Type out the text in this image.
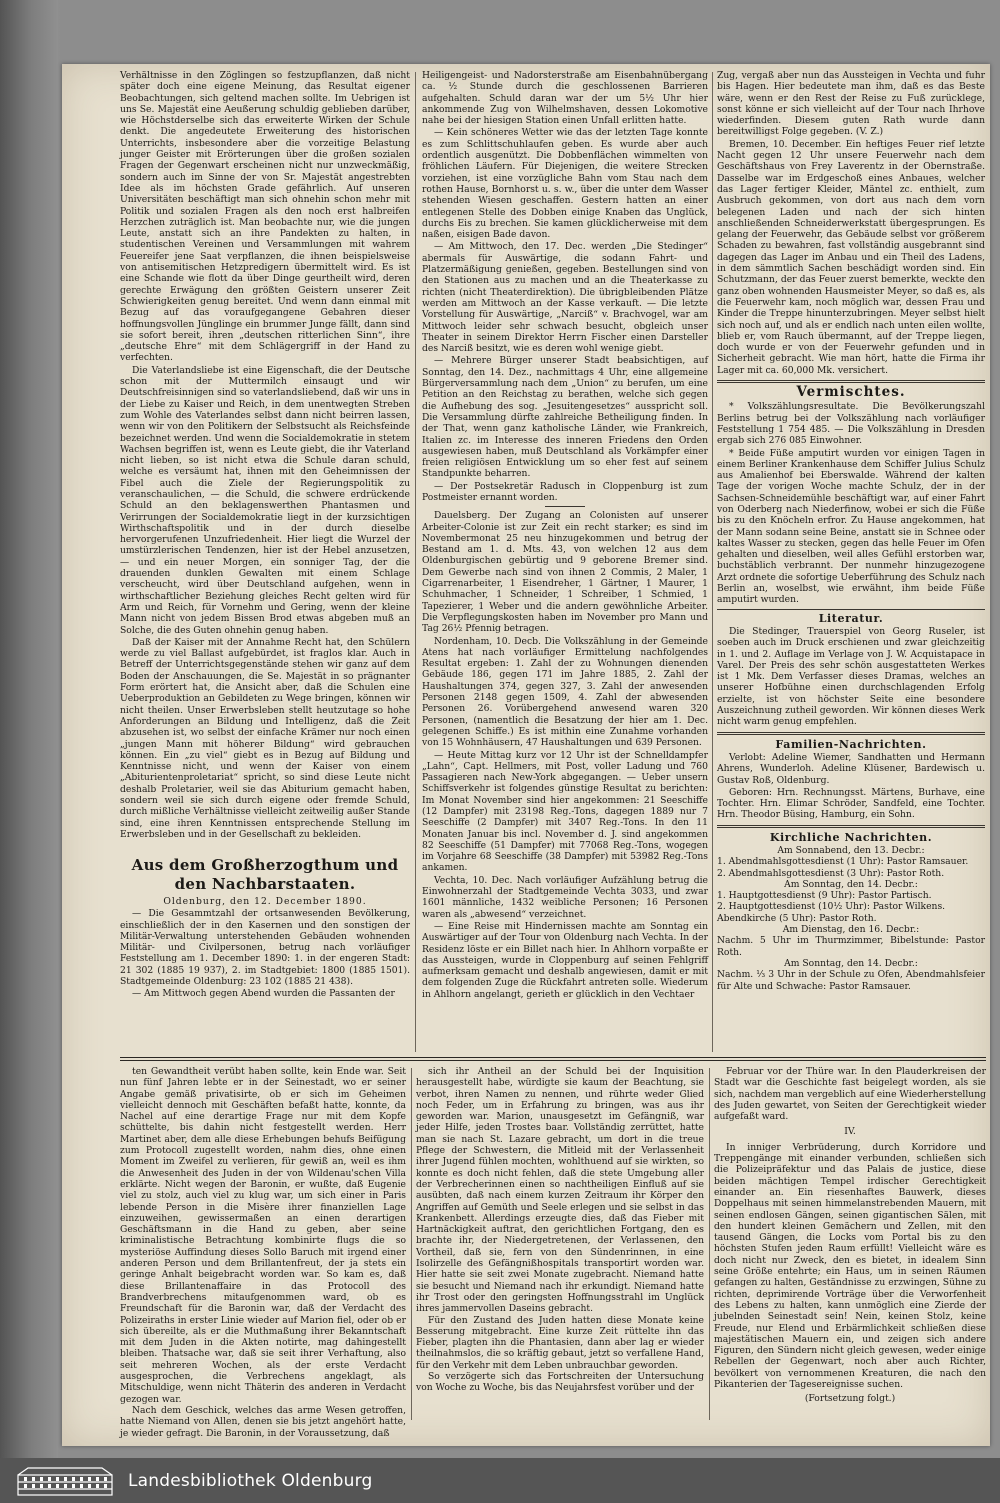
Verhältnisse in den Zöglingen so festzupflanzen, daß nicht später doch eine eigene Meinung, das Resultat eigener Beobachtungen, sich geltend machen sollte. Im Uebrigen ist uns Se. Majestät eine Aeußerung schuldig geblieben darüber, wie Höchstderselbe sich das erweiterte Wirken der Schule denkt. Die angedeutete Erweiterung des historischen Unterrichts, insbesondere aber die vorzeitige Belastung junger Geister mit Erörterungen über die großen sozialen Fragen der Gegenwart erscheinen nicht nur unzweckmäßig, sondern auch im Sinne der von Sr. Majestät angestrebten Idee als im höchsten Grade gefährlich. Auf unseren Universitäten beschäftigt man sich ohnehin schon mehr mit Politik und sozialen Fragen als den noch erst halbreifen Herzchen zuträglich ist. Man beobachte nur, wie die jungen Leute, anstatt sich an ihre Pandekten zu halten, in studentischen Vereinen und Versammlungen mit wahrem Feuereifer jene Saat verpflanzen, die ihnen beispielsweise von antisemitischen Hetzpredigern übermittelt wird. Es ist eine Schande wie flott da über Dinge geurtheilt wird, deren gerechte Erwägung den größten Geistern unserer Zeit Schwierigkeiten genug bereitet. Und wenn dann einmal mit Bezug auf das voraufgegangene Gebahren dieser hoffnungsvollen Jünglinge ein brummer Junge fällt, dann sind sie sofort bereit, ihren „deutschen ritterlichen Sinn“, ihre „deutsche Ehre“ mit dem Schlägergriff in der Hand zu verfechten.

Die Vaterlandsliebe ist eine Eigenschaft, die der Deutsche schon mit der Muttermilch einsaugt und wir Deutschfreisinnigen sind so vaterlandsliebend, daß wir uns in der Liebe zu Kaiser und Reich, in dem unentwegten Streben zum Wohle des Vaterlandes selbst dann nicht beirren lassen, wenn wir von den Politikern der Selbstsucht als Reichsfeinde bezeichnet werden. Und wenn die Socialdemokratie in stetem Wachsen begriffen ist, wenn es Leute giebt, die ihr Vaterland nicht lieben, so ist nicht etwa die Schule daran schuld, welche es versäumt hat, ihnen mit den Geheimnissen der Fibel auch die Ziele der Regierungspolitik zu veranschaulichen, — die Schuld, die schwere erdrückende Schuld an den beklagenswerthen Phantasmen und Verirrungen der Socialdemokratie liegt in der kurzsichtigen Wirthschaftspolitik und in der durch dieselbe hervorgerufenen Unzufriedenheit. Hier liegt die Wurzel der umstürzlerischen Tendenzen, hier ist der Hebel anzusetzen, — und ein neuer Morgen, ein sonniger Tag, der die drauenden dunklen Gewalten mit einem Schlage verscheucht, wird über Deutschland aufgehen, wenn in wirthschaftlicher Beziehung gleiches Recht gelten wird für Arm und Reich, für Vornehm und Gering, wenn der kleine Mann nicht von jedem Bissen Brod etwas abgeben muß an Solche, die des Guten ohnehin genug haben.

Daß der Kaiser mit der Annahme Recht hat, den Schülern werde zu viel Ballast aufgebürdet, ist fraglos klar. Auch in Betreff der Unterrichtsgegenstände stehen wir ganz auf dem Boden der Anschauungen, die Se. Majestät in so prägnanter Form erörtert hat, die Ansicht aber, daß die Schulen eine Ueberproduktion an Gebildeten zu Wege bringen, können wir nicht theilen. Unser Erwerbsleben stellt heutzutage so hohe Anforderungen an Bildung und Intelligenz, daß die Zeit abzusehen ist, wo selbst der einfache Krämer nur noch einen „jungen Mann mit höherer Bildung“ wird gebrauchen können. Ein „zu viel“ giebt es in Bezug auf Bildung und Kenntnisse nicht, und wenn der Kaiser von einem „Abiturientenproletariat“ spricht, so sind diese Leute nicht deshalb Proletarier, weil sie das Abiturium gemacht haben, sondern weil sie sich durch eigene oder fremde Schuld, durch mißliche Verhältnisse vielleicht zeitweilig außer Stande sind, eine ihren Kenntnissen entsprechende Stellung im Erwerbsleben und in der Gesellschaft zu bekleiden.

Aus dem Großherzogthum und den Nachbarstaaten.
Oldenburg, den 12. December 1890.

— Die Gesammtzahl der ortsanwesenden Bevölkerung, einschließlich der in den Kasernen und den sonstigen der Militär-Verwaltung unterstehenden Gebäuden wohnenden Militär- und Civilpersonen, betrug nach vorläufiger Feststellung am 1. December 1890: 1. in der engeren Stadt: 21 302 (1885 19 937), 2. im Stadtgebiet: 1800 (1885 1501). Stadtgemeinde Oldenburg: 23 102 (1885 21 438).

— Am Mittwoch gegen Abend wurden die Passanten der

Heiligengeist- und Nadorsterstraße am Eisenbahnübergang ca. ½ Stunde durch die geschlossenen Barrieren aufgehalten. Schuld daran war der um 5½ Uhr hier ankommende Zug von Wilhelmshaven, dessen Lokomotive nahe bei der hiesigen Station einen Unfall erlitten hatte.

— Kein schöneres Wetter wie das der letzten Tage konnte es zum Schlittschuhlaufen geben. Es wurde aber auch ordentlich ausgenützt. Die Dobbenflächen wimmelten von fröhlichen Läufern. Für Diejenigen, die weitere Strecken vorziehen, ist eine vorzügliche Bahn vom Stau nach dem rothen Hause, Bornhorst u. s. w., über die unter dem Wasser stehenden Wiesen geschaffen. Gestern hatten an einer entlegenen Stelle des Dobben einige Knaben das Unglück, durchs Eis zu brechen. Sie kamen glücklicherweise mit dem naßen, eisigen Bade davon.

— Am Mittwoch, den 17. Dec. werden „Die Stedinger“ abermals für Auswärtige, die sodann Fahrt- und Platzermäßigung genießen, gegeben. Bestellungen sind von den Stationen aus zu machen und an die Theaterkasse zu richten (nicht Theaterdirektion). Die übrigbleibenden Plätze werden am Mittwoch an der Kasse verkauft. — Die letzte Vorstellung für Auswärtige, „Narciß“ v. Brachvogel, war am Mittwoch leider sehr schwach besucht, obgleich unser Theater in seinem Direktor Herrn Fischer einen Darsteller des Narciß besitzt, wie es deren wohl wenige giebt.

— Mehrere Bürger unserer Stadt beabsichtigen, auf Sonntag, den 14. Dez., nachmittags 4 Uhr, eine allgemeine Bürgerversammlung nach dem „Union“ zu berufen, um eine Petition an den Reichstag zu berathen, welche sich gegen die Aufhebung des sog. „Jesuitengesetzes“ ausspricht soll. Die Versammlung dürfte zahlreiche Betheiligung finden. In der That, wenn ganz katholische Länder, wie Frankreich, Italien zc. im Interesse des inneren Friedens den Orden ausgewiesen haben, muß Deutschland als Vorkämpfer einer freien religiösen Entwicklung um so eher fest auf seinem Standpunkte beharren.

— Der Postsekretär Radusch in Cloppenburg ist zum Postmeister ernannt worden.

Dauelsberg. Der Zugang an Colonisten auf unserer Arbeiter-Colonie ist zur Zeit ein recht starker; es sind im Novembermonat 25 neu hinzugekommen und betrug der Bestand am 1. d. Mts. 43, von welchen 12 aus dem Oldenburgischen gebürtig und 9 geborene Bremer sind. Dem Gewerbe nach sind von ihnen 2 Commis, 2 Maler, 1 Cigarrenarbeiter, 1 Eisendreher, 1 Gärtner, 1 Maurer, 1 Schuhmacher, 1 Schneider, 1 Schreiber, 1 Schmied, 1 Tapezierer, 1 Weber und die andern gewöhnliche Arbeiter. Die Verpflegungskosten haben im November pro Mann und Tag 26½ Pfennig betragen.

Nordenham, 10. Decb. Die Volkszählung in der Gemeinde Atens hat nach vorläufiger Ermittelung nachfolgendes Resultat ergeben: 1. Zahl der zu Wohnungen dienenden Gebäude 186, gegen 171 im Jahre 1885, 2. Zahl der Haushaltungen 374, gegen 327, 3. Zahl der anwesenden Personen 2148 gegen 1509, 4. Zahl der abwesenden Personen 26. Vorübergehend anwesend waren 320 Personen, (namentlich die Besatzung der hier am 1. Dec. gelegenen Schiffe.) Es ist mithin eine Zunahme vorhanden von 15 Wohnhäusern, 47 Haushaltungen und 639 Personen.

— Heute Mittag kurz vor 12 Uhr ist der Schnelldampfer „Lahn“, Capt. Hellmers, mit Post, voller Ladung und 760 Passagieren nach New-York abgegangen. — Ueber unsern Schiffsverkehr ist folgendes günstige Resultat zu berichten: Im Monat November sind hier angekommen: 21 Seeschiffe (12 Dampfer) mit 23198 Reg.-Tons, dagegen 1889 nur 7 Seeschiffe (2 Dampfer) mit 3407 Reg.-Tons. In den 11 Monaten Januar bis incl. November d. J. sind angekommen 82 Seeschiffe (51 Dampfer) mit 77068 Reg.-Tons, wogegen im Vorjahre 68 Seeschiffe (38 Dampfer) mit 53982 Reg.-Tons ankamen.

Vechta, 10. Dec. Nach vorläufiger Aufzählung betrug die Einwohnerzahl der Stadtgemeinde Vechta 3033, und zwar 1601 männliche, 1432 weibliche Personen; 16 Personen waren als „abwesend“ verzeichnet.

— Eine Reise mit Hindernissen machte am Sonntag ein Auswärtiger auf der Tour von Oldenburg nach Vechta. In der Residenz löste er ein Billet nach hier. In Ahlhorn vorpaßte er das Aussteigen, wurde in Cloppenburg auf seinen Fehlgriff aufmerksam gemacht und deshalb angewiesen, damit er mit dem folgenden Zuge die Rückfahrt antreten solle. Wiederum in Ahlhorn angelangt, gerieth er glücklich in den Vechtaer

Zug, vergaß aber nun das Aussteigen in Vechta und fuhr bis Hagen. Hier bedeutete man ihm, daß es das Beste wäre, wenn er den Rest der Reise zu Fuß zurücklege, sonst könne er sich vielleicht auf der Tour nach Ihrhove wiederfinden. Diesem guten Rath wurde dann bereitwilligst Folge gegeben. (V. Z.)

Bremen, 10. December. Ein heftiges Feuer rief letzte Nacht gegen 12 Uhr unsere Feuerwehr nach dem Geschäftshaus von Frey Laverentz in der Obernstraße. Dasselbe war im Erdgeschoß eines Anbaues, welcher das Lager fertiger Kleider, Mäntel zc. enthielt, zum Ausbruch gekommen, von dort aus nach dem vorn belegenen Laden und nach der sich hinten anschließenden Schneiderwerkstatt übergesprungen. Es gelang der Feuerwehr, das Gebäude selbst vor größerem Schaden zu bewahren, fast vollständig ausgebrannt sind dagegen das Lager im Anbau und ein Theil des Ladens, in dem sämmtlich Sachen beschädigt worden sind. Ein Schutzmann, der das Feuer zuerst bemerkte, weckte den ganz oben wohnenden Hausmeister Meyer, so daß es, als die Feuerwehr kam, noch möglich war, dessen Frau und Kinder die Treppe hinunterzubringen. Meyer selbst hielt sich noch auf, und als er endlich nach unten eilen wollte, blieb er, vom Rauch übermannt, auf der Treppe liegen, doch wurde er von der Feuerwehr gefunden und in Sicherheit gebracht. Wie man hört, hatte die Firma ihr Lager mit ca. 60,000 Mk. versichert.

Vermischtes.

* Volkszählungsresultate. Die Bevölkerungszahl Berlins betrug bei der Volkszählung nach vorläufiger Feststellung 1 754 485. — Die Volkszählung in Dresden ergab sich 276 085 Einwohner.

* Beide Füße amputirt wurden vor einigen Tagen in einem Berliner Krankenhause dem Schiffer Julius Schulz aus Amalienhof bei Eberswalde. Während der kalten Tage der vorigen Woche machte Schulz, der in der Sachsen-Schneidemühle beschäftigt war, auf einer Fahrt von Oderberg nach Niederfinow, wobei er sich die Füße bis zu den Knöcheln erfror. Zu Hause angekommen, hat der Mann sodann seine Beine, anstatt sie in Schnee oder kaltes Wasser zu stecken, gegen das helle Feuer im Ofen gehalten und dieselben, weil alles Gefühl erstorben war, buchstäblich verbrannt. Der nunmehr hinzugezogene Arzt ordnete die sofortige Ueberführung des Schulz nach Berlin an, woselbst, wie erwähnt, ihm beide Füße amputirt wurden.

Literatur.

Die Stedinger, Trauerspiel von Georg Ruseler, ist soeben auch im Druck erschienen und zwar gleichzeitig in 1. und 2. Auflage im Verlage von J. W. Acquistapace in Varel. Der Preis des sehr schön ausgestatteten Werkes ist 1 Mk. Dem Verfasser dieses Dramas, welches an unserer Hofbühne einen durchschlagenden Erfolg erzielte, ist von höchster Seite eine besondere Auszeichnung zutheil geworden. Wir können dieses Werk nicht warm genug empfehlen.

Familien-Nachrichten.

Verlobt: Adeline Wiemer, Sandhatten und Hermann Ahrens, Wunderloh. Adeline Klüsener, Bardewisch u. Gustav Roß, Oldenburg.

Geboren: Hrn. Rechnungsst. Märtens, Burhave, eine Tochter. Hrn. Elimar Schröder, Sandfeld, eine Tochter. Hrn. Theodor Büsing, Hamburg, ein Sohn.

Kirchliche Nachrichten.
Am Sonnabend, den 13. Decbr.:
1. Abendmahlsgottesdienst (1 Uhr): Pastor Ramsauer.
2. Abendmahlsgottesdienst (3 Uhr): Pastor Roth.
Am Sonntag, den 14. Decbr.:
1. Hauptgottesdienst (9 Uhr): Pastor Partisch.
2. Hauptgottesdienst (10½ Uhr): Pastor Wilkens.
Abendkirche (5 Uhr): Pastor Roth.
Am Dienstag, den 16. Decbr.:
Nachm. 5 Uhr im Thurmzimmer, Bibelstunde: Pastor Roth.
Am Sonntag, den 14. Decbr.:
Nachm. ⅓ 3 Uhr in der Schule zu Ofen, Abendmahlsfeier für Alte und Schwache: Pastor Ramsauer.

ten Gewandtheit verübt haben sollte, kein Ende war. Seit nun fünf Jahren lebte er in der Seinestadt, wo er seiner Angabe gemäß privatisirte, ob er sich im Geheimen vielleicht dennoch mit Geschäften befaßt hatte, konnte, da Nachel auf eine derartige Frage nur mit dem Kopfe schüttelte, bis dahin nicht festgestellt werden. Herr Martinet aber, dem alle diese Erhebungen behufs Beifügung zum Protocoll zugestellt worden, nahm dies, ohne einen Moment im Zweifel zu verlieren, für gewiß an, weil es ihm die Anwesenheit des Juden in der von Wildenau'schen Villa erklärte. Nicht wegen der Baronin, er wußte, daß Eugenie viel zu stolz, auch viel zu klug war, um sich einer in Paris lebende Person in die Misère ihrer finanziellen Lage einzuweihen, gewissermaßen an einen derartigen Geschäftsmann in die Hand zu geben, aber seine kriminalistische Betrachtung kombinirte flugs die so mysteriöse Auffindung dieses Sollo Baruch mit irgend einer anderen Person und dem Brillantenfreut, der ja stets ein geringe Anhalt beigebracht worden war. So kam es, daß diese Brillantenaffaire in das Protocoll des Brandverbrechens mitaufgenommen ward, ob es Freundschaft für die Baronin war, daß der Verdacht des Polizeiraths in erster Linie wieder auf Marion fiel, oder ob er sich übereilte, als er die Muthmaßung ihrer Bekanntschaft mit dem Juden in die Akten notirte, mag dahingestellt bleiben. Thatsache war, daß sie seit ihrer Verhaftung, also seit mehreren Wochen, als der erste Verdacht ausgesprochen, die Verbrechens angeklagt, als Mitschuldige, wenn nicht Thäterin des anderen in Verdacht gezogen war.

Nach dem Geschick, welches das arme Wesen getroffen, hatte Niemand von Allen, denen sie bis jetzt angehört hatte, je wieder gefragt. Die Baronin, in der Voraussetzung, daß

sich ihr Antheil an der Schuld bei der Inquisition herausgestellt habe, würdigte sie kaum der Beachtung, sie verbot, ihren Namen zu nennen, und rührte weder Glied noch Feder, um in Erfahrung zu bringen, was aus ihr geworden war. Marion, unausgesetzt im Gefängniß, war jeder Hilfe, jeden Trostes baar. Vollständig zerrüttet, hatte man sie nach St. Lazare gebracht, um dort in die treue Pflege der Schwestern, die Mitleid mit der Verlassenheit ihrer Jugend fühlen mochten, wohlthuend auf sie wirkten, so konnte es doch nicht fehlen, daß die stete Umgebung aller der Verbrecherinnen einen so nachtheiligen Einfluß auf sie ausübten, daß nach einem kurzen Zeitraum ihr Körper den Angriffen auf Gemüth und Seele erlegen und sie selbst in das Krankenbett. Allerdings erzeugte dies, daß das Fieber mit Hartnäckigkeit auftrat, den gerichtlichen Fortgang, den es brachte ihr, der Niedergetretenen, der Verlassenen, den Vortheil, daß sie, fern von den Sündenrinnen, in eine Isolirzelle des Gefängnißhospitals transportirt worden war. Hier hatte sie seit zwei Monate zugebracht. Niemand hatte sie besucht und Niemand nach ihr erkundigt. Niemand hatte ihr Trost oder den geringsten Hoffnungsstrahl im Unglück ihres jammervollen Daseins gebracht.

Für den Zustand des Juden hatten diese Monate keine Besserung mitgebracht. Eine kurze Zeit rüttelte ihn das Fieber, plagten ihn die Phantasien, dann aber lag er wieder theilnahmslos, die so kräftig gebaut, jetzt so verfallene Hand, für den Verkehr mit dem Leben unbrauchbar geworden.

So verzögerte sich das Fortschreiten der Untersuchung von Woche zu Woche, bis das Neujahrsfest vorüber und der

Februar vor der Thüre war. In den Plauderkreisen der Stadt war die Geschichte fast beigelegt worden, als sie sich, nachdem man vergeblich auf eine Wiederherstellung des Juden gewartet, von Seiten der Gerechtigkeit wieder aufgefaßt ward.

IV.

In inniger Verbrüderung, durch Korridore und Treppengänge mit einander verbunden, schließen sich die Polizeipräfektur und das Palais de justice, diese beiden mächtigen Tempel irdischer Gerechtigkeit einander an. Ein riesenhaftes Bauwerk, dieses Doppelhaus mit seinen himmelanstrebenden Mauern, mit seinen endlosen Gängen, seinen gigantischen Sälen, mit den hundert kleinen Gemächern und Zellen, mit den tausend Gängen, die Locks vom Portal bis zu den höchsten Stufen jeden Raum erfüllt! Vielleicht wäre es doch nicht nur Zweck, den es bietet, in idealem Sinn seine Größe entehrte; ein Haus, um in seinen Räumen gefangen zu halten, Geständnisse zu erzwingen, Sühne zu richten, deprimirende Vorträge über die Verworfenheit des Lebens zu halten, kann unmöglich eine Zierde der jubelnden Seinestadt sein! Nein, keinen Stolz, keine Freude, nur Elend und Erbärmlichkeit schließen diese majestätischen Mauern ein, und zeigen sich andere Figuren, den Sündern nicht gleich gewesen, weder einige Rebellen der Gegenwart, noch aber auch Richter, bevölkert von vernommenen Kreaturen, die nach den Pikanterien der Tagesereignisse suchen.

(Fortsetzung folgt.)
Landesbibliothek Oldenburg
